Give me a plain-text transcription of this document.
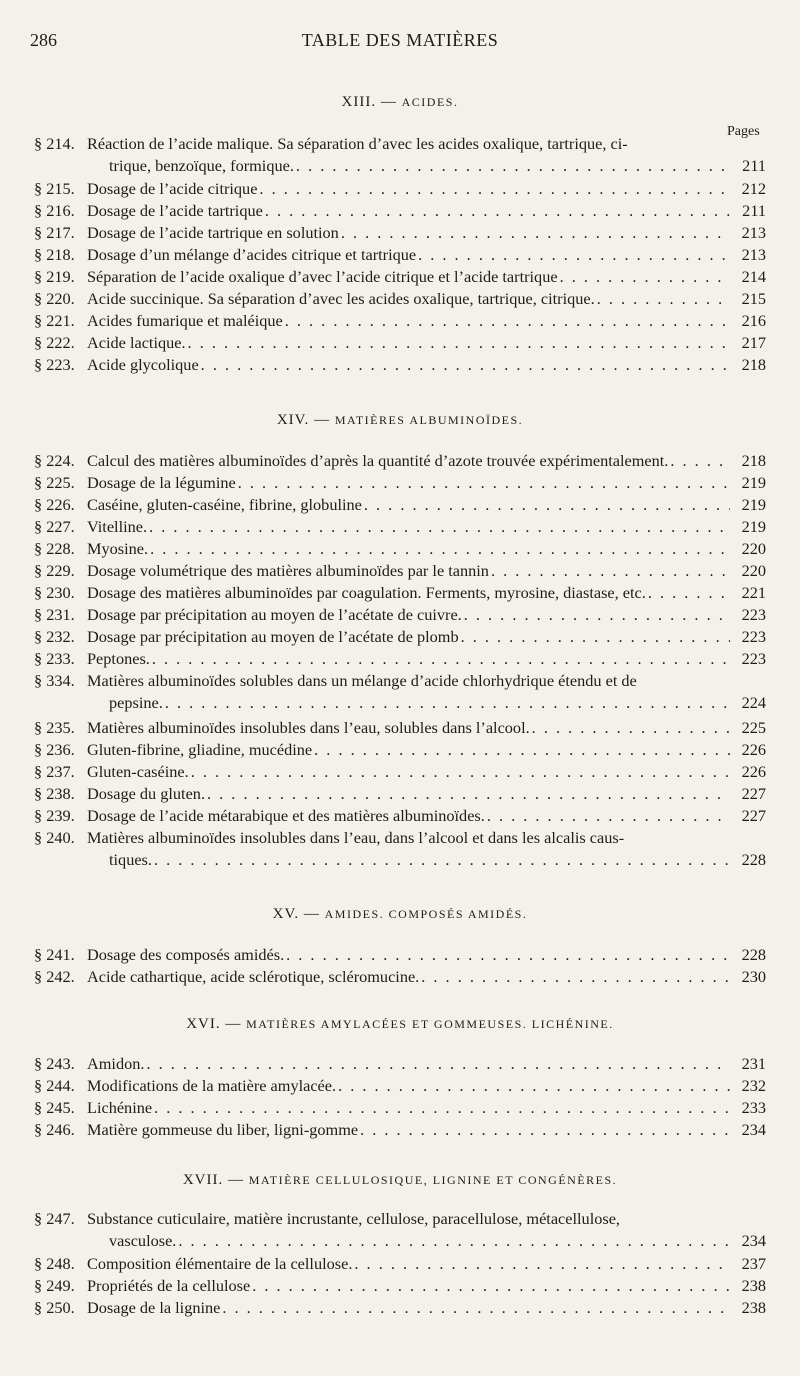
286	TABLE DES MATIÈRES
Pages
XIII. — ACIDES.
§ 214. Réaction de l’acide malique. Sa séparation d’avec les acides oxalique, tartrique, ci-
trique, benzoïque, formique. . . .	211
§ 215. Dosage de l’acide citrique . . .	212
§ 216. Dosage de l’acide tartrique . . .	211
§ 217. Dosage de l’acide tartrique en solution . . .	213
§ 218. Dosage d’un mélange d’acides citrique et tartrique . . .	213
§ 219. Séparation de l’acide oxalique d’avec l’acide citrique et l’acide tartrique . . .	214
§ 220. Acide succinique. Sa séparation d’avec les acides oxalique, tartrique, citrique. . . .	215
§ 221. Acides fumarique et maléique . . .	216
§ 222. Acide lactique. . . .	217
§ 223. Acide glycolique . . .	218
XIV. — MATIÈRES ALBUMINOÏDES.
§ 224. Calcul des matières albuminoïdes d’après la quantité d’azote trouvée expérimentalement. . . .	218
§ 225. Dosage de la légumine . . .	219
§ 226. Caséine, gluten-caséine, fibrine, globuline . . .	219
§ 227. Vitelline. . . .	219
§ 228. Myosine. . . .	220
§ 229. Dosage volumétrique des matières albuminoïdes par le tannin . . .	220
§ 230. Dosage des matières albuminoïdes par coagulation. Ferments, myrosine, diastase, etc. . . .	221
§ 231. Dosage par précipitation au moyen de l’acétate de cuivre. . . .	223
§ 232. Dosage par précipitation au moyen de l’acétate de plomb . . .	223
§ 233. Peptones. . . .	223
§ 334. Matières albuminoïdes solubles dans un mélange d’acide chlorhydrique étendu et de
pepsine. . . .	224
§ 235. Matières albuminoïdes insolubles dans l’eau, solubles dans l’alcool. . . .	225
§ 236. Gluten-fibrine, gliadine, mucédine . . .	226
§ 237. Gluten-caséine. . . .	226
§ 238. Dosage du gluten. . . .	227
§ 239. Dosage de l’acide métarabique et des matières albuminoïdes. . . .	227
§ 240. Matières albuminoïdes insolubles dans l’eau, dans l’alcool et dans les alcalis caus-
tiques. . . .	228
XV. — AMIDES. COMPOSÉS AMIDÉS.
§ 241. Dosage des composés amidés. . . .	228
§ 242. Acide cathartique, acide sclérotique, scléromucine. . . .	230
XVI. — MATIÈRES AMYLACÉES ET GOMMEUSES. LICHÉNINE.
§ 243. Amidon. . . .	231
§ 244. Modifications de la matière amylacée. . . .	232
§ 245. Lichénine . . .	233
§ 246. Matière gommeuse du liber, ligni-gomme . . .	234
XVII. — MATIÈRE CELLULOSIQUE, LIGNINE ET CONGÉNÈRES.
§ 247. Substance cuticulaire, matière incrustante, cellulose, paracellulose, métacellulose,
vasculose. . . .	234
§ 248. Composition élémentaire de la cellulose. . . .	237
§ 249. Propriétés de la cellulose . . .	238
§ 250. Dosage de la lignine . . .	238
